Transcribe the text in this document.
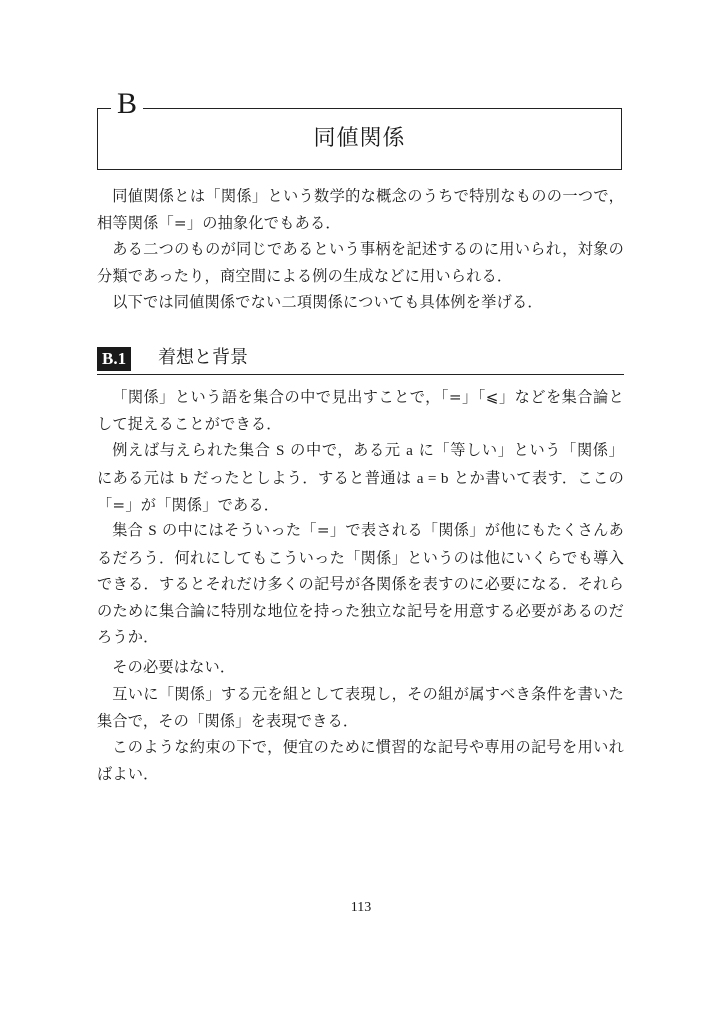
B
同値関係

同値関係とは「関係」という数学的な概念のうちで特別なものの一つで，相等関係「=」の抽象化でもある．

ある二つのものが同じであるという事柄を記述するのに用いられ，対象の分類であったり，商空間による例の生成などに用いられる．

以下では同値関係でない二項関係についても具体例を挙げる．

B.1 着想と背景

「関係」という語を集合の中で見出すことで，「=」「⩽」などを集合論として捉えることができる．

例えば与えられた集合 S の中で，ある元 a に「等しい」という「関係」にある元は b だったとしよう．すると普通は a = b とか書いて表す．ここの「=」が「関係」である．

集合 S の中にはそういった「=」で表される「関係」が他にもたくさんあるだろう．何れにしてもこういった「関係」というのは他にいくらでも導入できる．するとそれだけ多くの記号が各関係を表すのに必要になる．それらのために集合論に特別な地位を持った独立な記号を用意する必要があるのだろうか．

その必要はない．

互いに「関係」する元を組として表現し，その組が属すべき条件を書いた集合で，その「関係」を表現できる．

このような約束の下で，便宜のために慣習的な記号や専用の記号を用いればよい．

113
